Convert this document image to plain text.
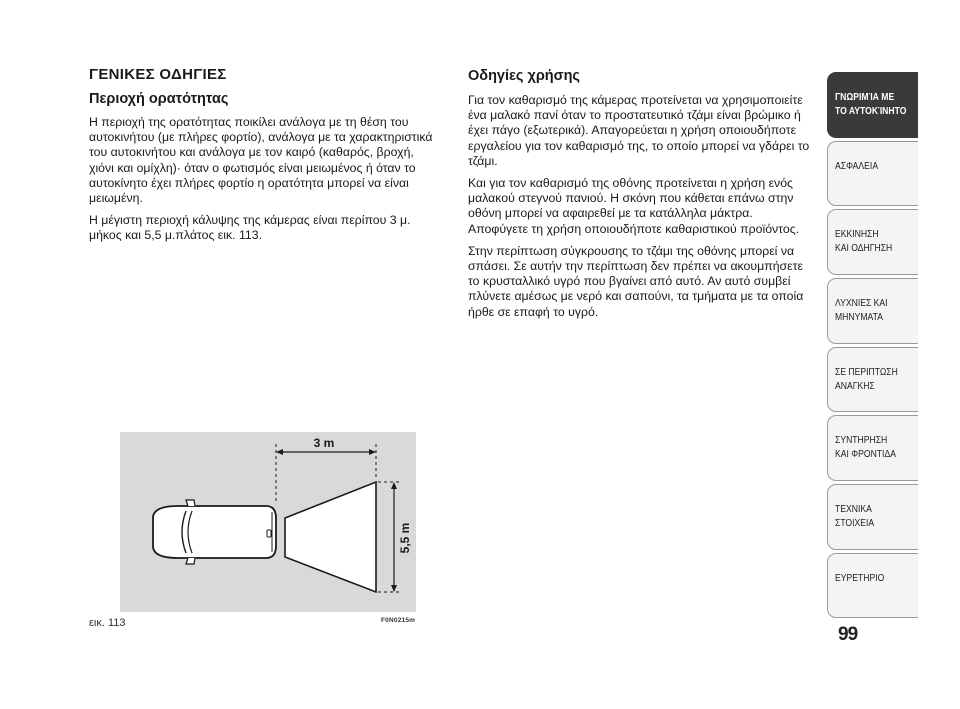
ΓΕΝΙΚΕΣ ΟΔΗΓΙΕΣ
Περιοχή ορατότητας

Η περιοχή της ορατότητας ποικίλει ανάλογα με τη θέση του αυτοκινήτου (με πλήρες φορτίο), ανάλογα με τα χαρακτηριστικά του αυτοκινήτου και ανάλογα με τον καιρό (καθαρός, βροχή, χιόνι και ομίχλη)· όταν ο φωτισμός είναι μειωμένος ή όταν το αυτοκίνητο έχει πλήρες φορτίο η ορατότητα μπορεί να είναι μειωμένη.

Η μέγιστη περιοχή κάλυψης της κάμερας είναι περίπου 3 μ. μήκος και 5,5 μ.πλάτος εικ. 113.

Οδηγίες χρήσης

Για τον καθαρισμό της κάμερας προτείνεται να χρησιμοποιείτε ένα μαλακό πανί όταν το προστατευτικό τζάμι είναι βρώμικο ή έχει πάγο (εξωτερικά). Απαγορεύεται η χρήση οποιουδήποτε εργαλείου για τον καθαρισμό της, το οποίο μπορεί να γδάρει το τζάμι.

Και για τον καθαρισμό της οθόνης προτείνεται η χρήση ενός μαλακού στεγνού πανιού. Η σκόνη που κάθεται επάνω στην οθόνη μπορεί να αφαιρεθεί με τα κατάλληλα μάκτρα. Αποφύγετε τη χρήση οποιουδήποτε καθαριστικού προϊόντος.

Στην περίπτωση σύγκρουσης το τζάμι της οθόνης μπορεί να σπάσει. Σε αυτήν την περίπτωση δεν πρέπει να ακουμπήσετε το κρυσταλλικό υγρό που βγαίνει από αυτό. Αν αυτό συμβεί πλύνετε αμέσως με νερό και σαπούνι, τα τμήματα με τα οποία ήρθε σε επαφή το υγρό.

3 m
5,5 m
εικ. 113	F0N0215m
ΓΝΩΡΙΜΊΑ ΜΕ
ΤΟ ΑΥΤΟΚΊΝΗΤΟ
ΑΣΦΑΛΕΙΑ
ΕΚΚΙΝΗΣΗ
ΚΑΙ ΟΔΗΓΗΣΗ
ΛΥΧΝΙΕΣ ΚΑΙ
ΜΗΝΥΜΑΤΑ
ΣΕ ΠΕΡΙΠΤΩΣΗ
ΑΝΑΓΚΗΣ
ΣΥΝΤΗΡΗΣΗ
ΚΑΙ ΦΡΟΝΤΙΔΑ
ΤΕΧΝΙΚΑ
ΣΤΟΙΧΕΙΑ
ΕΥΡΕΤΗΡΙΟ
99
